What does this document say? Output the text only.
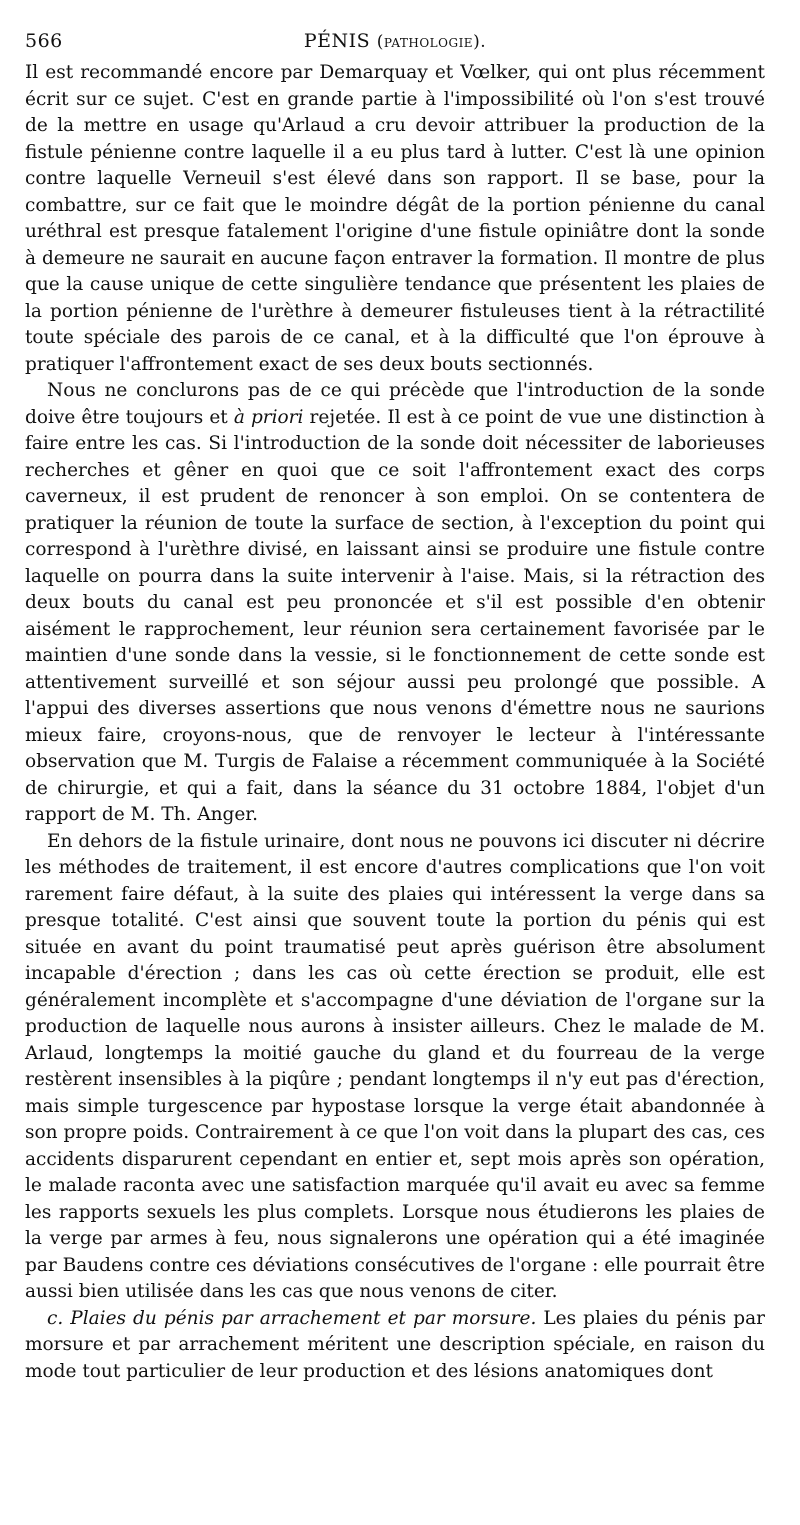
566	PÉNIS (pathologie).

Il est recommandé encore par Demarquay et Vœlker, qui ont plus récemment écrit sur ce sujet. C'est en grande partie à l'impossibilité où l'on s'est trouvé de la mettre en usage qu'Arlaud a cru devoir attribuer la production de la fistule pénienne contre laquelle il a eu plus tard à lutter. C'est là une opinion contre laquelle Verneuil s'est élevé dans son rapport. Il se base, pour la combattre, sur ce fait que le moindre dégât de la portion pénienne du canal uréthral est presque fatalement l'origine d'une fistule opiniâtre dont la sonde à demeure ne saurait en aucune façon entraver la formation. Il montre de plus que la cause unique de cette singulière tendance que présentent les plaies de la portion pénienne de l'urèthre à demeurer fistuleuses tient à la rétractilité toute spéciale des parois de ce canal, et à la difficulté que l'on éprouve à pratiquer l'affrontement exact de ses deux bouts sectionnés.

Nous ne conclurons pas de ce qui précède que l'introduction de la sonde doive être toujours et à priori rejetée. Il est à ce point de vue une distinction à faire entre les cas. Si l'introduction de la sonde doit nécessiter de laborieuses recherches et gêner en quoi que ce soit l'affrontement exact des corps caverneux, il est prudent de renoncer à son emploi. On se contentera de pratiquer la réunion de toute la surface de section, à l'exception du point qui correspond à l'urèthre divisé, en laissant ainsi se produire une fistule contre laquelle on pourra dans la suite intervenir à l'aise. Mais, si la rétraction des deux bouts du canal est peu prononcée et s'il est possible d'en obtenir aisément le rapprochement, leur réunion sera certainement favorisée par le maintien d'une sonde dans la vessie, si le fonctionnement de cette sonde est attentivement surveillé et son séjour aussi peu prolongé que possible. A l'appui des diverses assertions que nous venons d'émettre nous ne saurions mieux faire, croyons-nous, que de renvoyer le lecteur à l'intéressante observation que M. Turgis de Falaise a récemment communiquée à la Société de chirurgie, et qui a fait, dans la séance du 31 octobre 1884, l'objet d'un rapport de M. Th. Anger.

En dehors de la fistule urinaire, dont nous ne pouvons ici discuter ni décrire les méthodes de traitement, il est encore d'autres complications que l'on voit rarement faire défaut, à la suite des plaies qui intéressent la verge dans sa presque totalité. C'est ainsi que souvent toute la portion du pénis qui est située en avant du point traumatisé peut après guérison être absolument incapable d'érection ; dans les cas où cette érection se produit, elle est généralement incomplète et s'accompagne d'une déviation de l'organe sur la production de laquelle nous aurons à insister ailleurs. Chez le malade de M. Arlaud, longtemps la moitié gauche du gland et du fourreau de la verge restèrent insensibles à la piqûre ; pendant longtemps il n'y eut pas d'érection, mais simple turgescence par hypostase lorsque la verge était abandonnée à son propre poids. Contrairement à ce que l'on voit dans la plupart des cas, ces accidents disparurent cependant en entier et, sept mois après son opération, le malade raconta avec une satisfaction marquée qu'il avait eu avec sa femme les rapports sexuels les plus complets. Lorsque nous étudierons les plaies de la verge par armes à feu, nous signalerons une opération qui a été imaginée par Baudens contre ces déviations consécutives de l'organe : elle pourrait être aussi bien utilisée dans les cas que nous venons de citer.

c. Plaies du pénis par arrachement et par morsure. Les plaies du pénis par morsure et par arrachement méritent une description spéciale, en raison du mode tout particulier de leur production et des lésions anatomiques dont
